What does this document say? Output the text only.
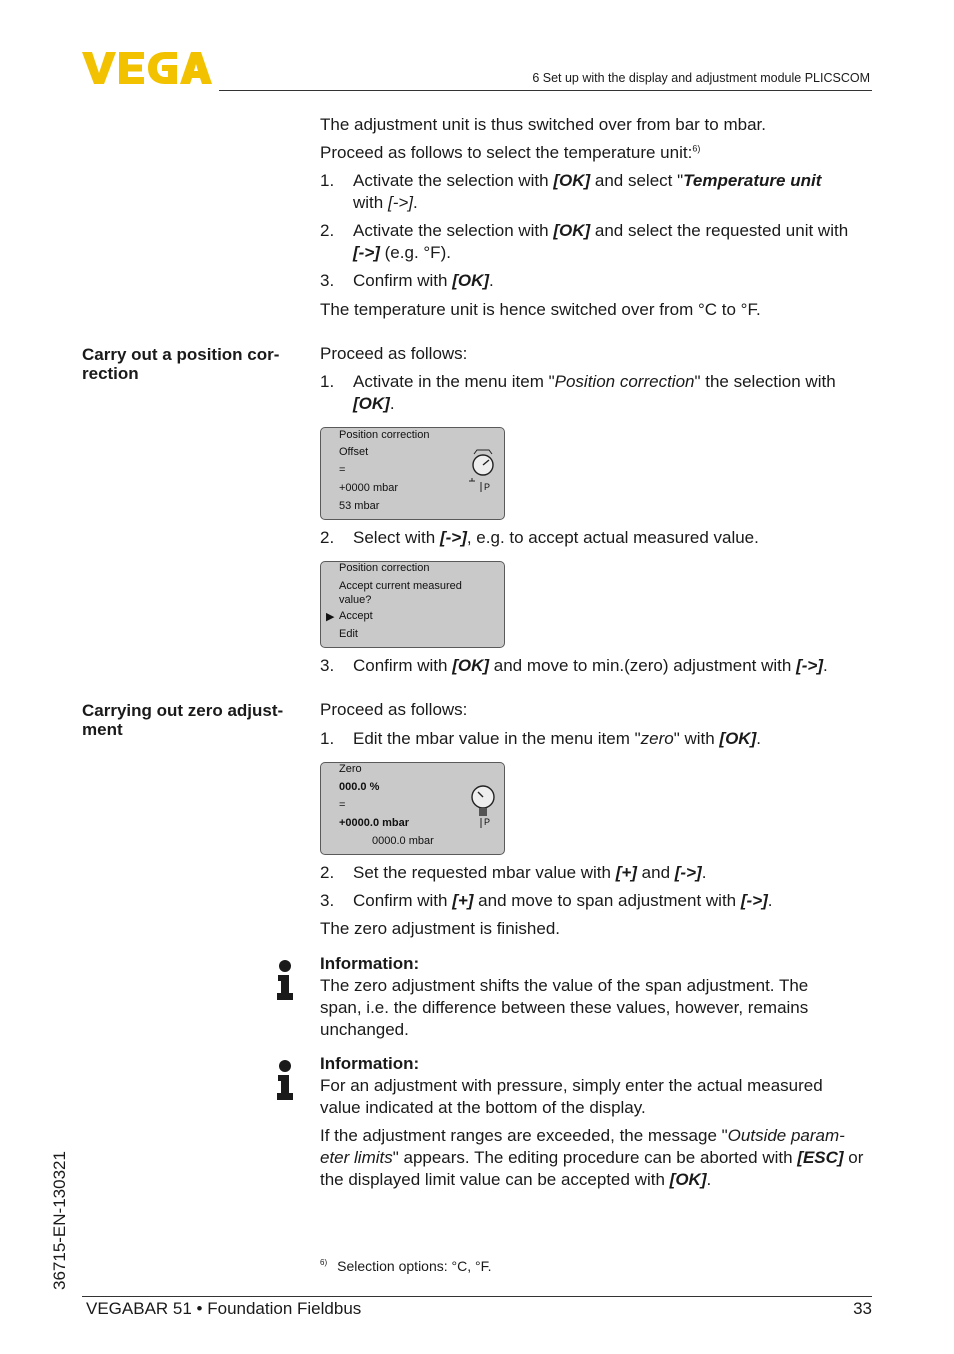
6 Set up with the display and adjustment module PLICSCOM
The adjustment unit is thus switched over from bar to mbar.
Proceed as follows to select the temperature unit:$^{6)}$
1. Activate the selection with [OK] and select "Temperature unit
with [->].
2. Activate the selection with [OK] and select the requested unit with
[->] (e.g. °F).
3. Confirm with [OK].
The temperature unit is hence switched over from °C to °F.
Carry out a position cor- rection
Proceed as follows:
1. Activate in the menu item "Position correction" the selection with
[OK].
Position correction
Offset
=
+0000 mbar
53 mbar
P
2. Select with [->], e.g. to accept actual measured value.
Position correction
Accept current measured
value?
▶ Accept
Edit
3. Confirm with [OK] and move to min.(zero) adjustment with [->].
Carrying out zero adjust- ment
Proceed as follows:
1. Edit the mbar value in the menu item "zero" with [OK].
Zero
000.0 %
=
+0000.0 mbar
0000.0 mbar
P
2. Set the requested mbar value with [+] and [->].
3. Confirm with [+] and move to span adjustment with [->].
The zero adjustment is finished.
Information:
The zero adjustment shifts the value of the span adjustment. The span, i.e. the difference between these values, however, remains unchanged.
Information:
For an adjustment with pressure, simply enter the actual measured value indicated at the bottom of the display.
If the adjustment ranges are exceeded, the message "Outside param- eter limits" appears. The editing procedure can be aborted with [ESC] or the displayed limit value can be accepted with [OK].
$^{6)}$ Selection options: °C, °F.
36715-EN-130321
VEGABAR 51 • Foundation Fieldbus	33
